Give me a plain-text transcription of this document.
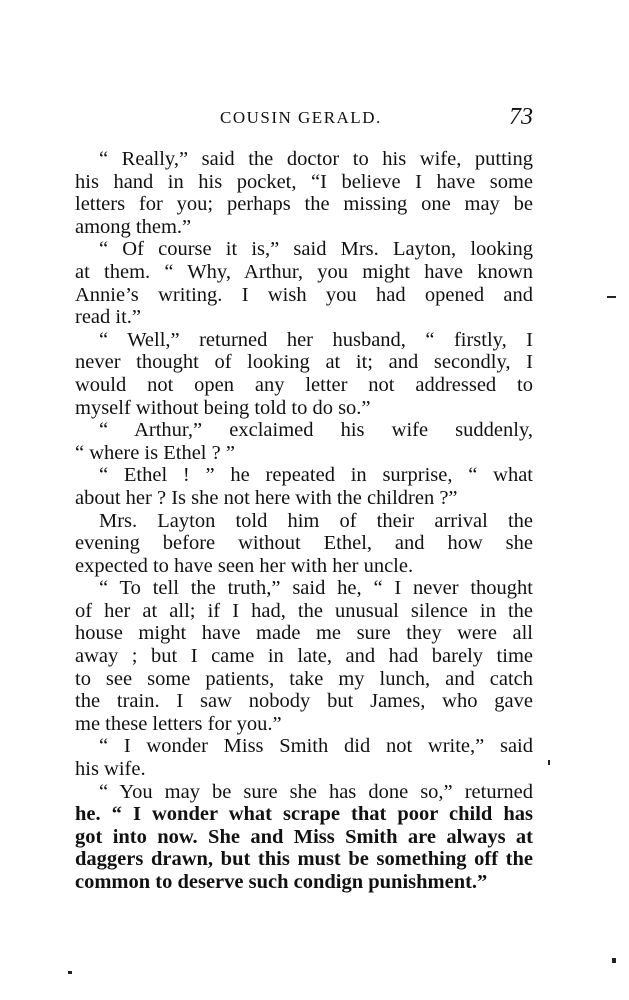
COUSIN GERALD.	73
“ Really,” said the doctor to his wife, putting
his hand in his pocket, “I believe I have some
letters for you; perhaps the missing one may be
among them.”
“ Of course it is,” said Mrs. Layton, looking
at them. “ Why, Arthur, you might have known
Annie’s writing. I wish you had opened and
read it.”
“ Well,” returned her husband, “ firstly, I
never thought of looking at it; and secondly, I
would not open any letter not addressed to
myself without being told to do so.”
“ Arthur,” exclaimed his wife suddenly,
“ where is Ethel ? ”
“ Ethel ! ” he repeated in surprise, “ what
about her ? Is she not here with the children ?”
Mrs. Layton told him of their arrival the
evening before without Ethel, and how she
expected to have seen her with her uncle.
“ To tell the truth,” said he, “ I never thought
of her at all; if I had, the unusual silence in the
house might have made me sure they were all
away ; but I came in late, and had barely time
to see some patients, take my lunch, and catch
the train. I saw nobody but James, who gave
me these letters for you.”
“ I wonder Miss Smith did not write,” said
his wife.
“ You may be sure she has done so,” returned
he. “ I wonder what scrape that poor child has
got into now. She and Miss Smith are always at
daggers drawn, but this must be something off the
common to deserve such condign punishment.”
